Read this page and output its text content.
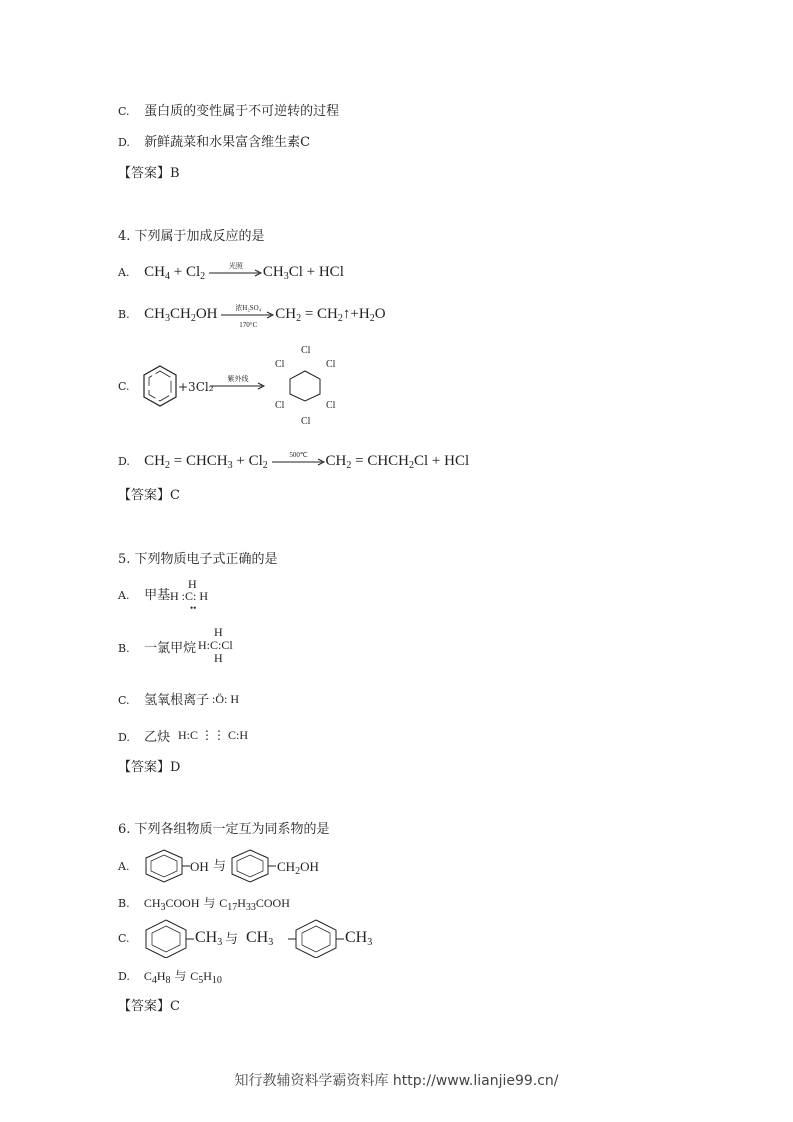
C. 蛋白质的变性属于不可逆转的过程
D. 新鲜蔬菜和水果富含维生素C
【答案】B
4. 下列属于加成反应的是
A. $CH_4 + Cl_2$
光照	$CH_3Cl$ + HCl
B. $CH_3CH_2OH$	浓H₂SO₄
170°C
$CH_2$ = $CH_2↑+H_2O$
C.	+3Cl₂
紫外线
Cl
Cl	Cl
Cl	Cl
Cl
D. $CH_2$ = $CHCH_3 + Cl_2$
500℃	$CH_2$ = $CHCH_2Cl$ + HCl
【答案】C
5. 下列物质电子式正确的是
A. 甲基
H
H :C: H
••
B. 一氯甲烷
H
H:C:Cl
H
C. 氢氧根离子 :Ö: H
D. 乙炔 H:C ⋮⋮ C:H
【答案】D
6. 下列各组物质一定互为同系物的是
A.	OH 与	$CH_2OH$
B. $CH_3COOH$ 与 $C_{17}H_{33}COOH$
C.	$CH_3$ 与 $CH_3$	$CH_3$
D. $C_4H_8$ 与 $C_5H_{10}$
【答案】C
知行教辅资料学霸资料库 http://www.lianjie99.cn/
